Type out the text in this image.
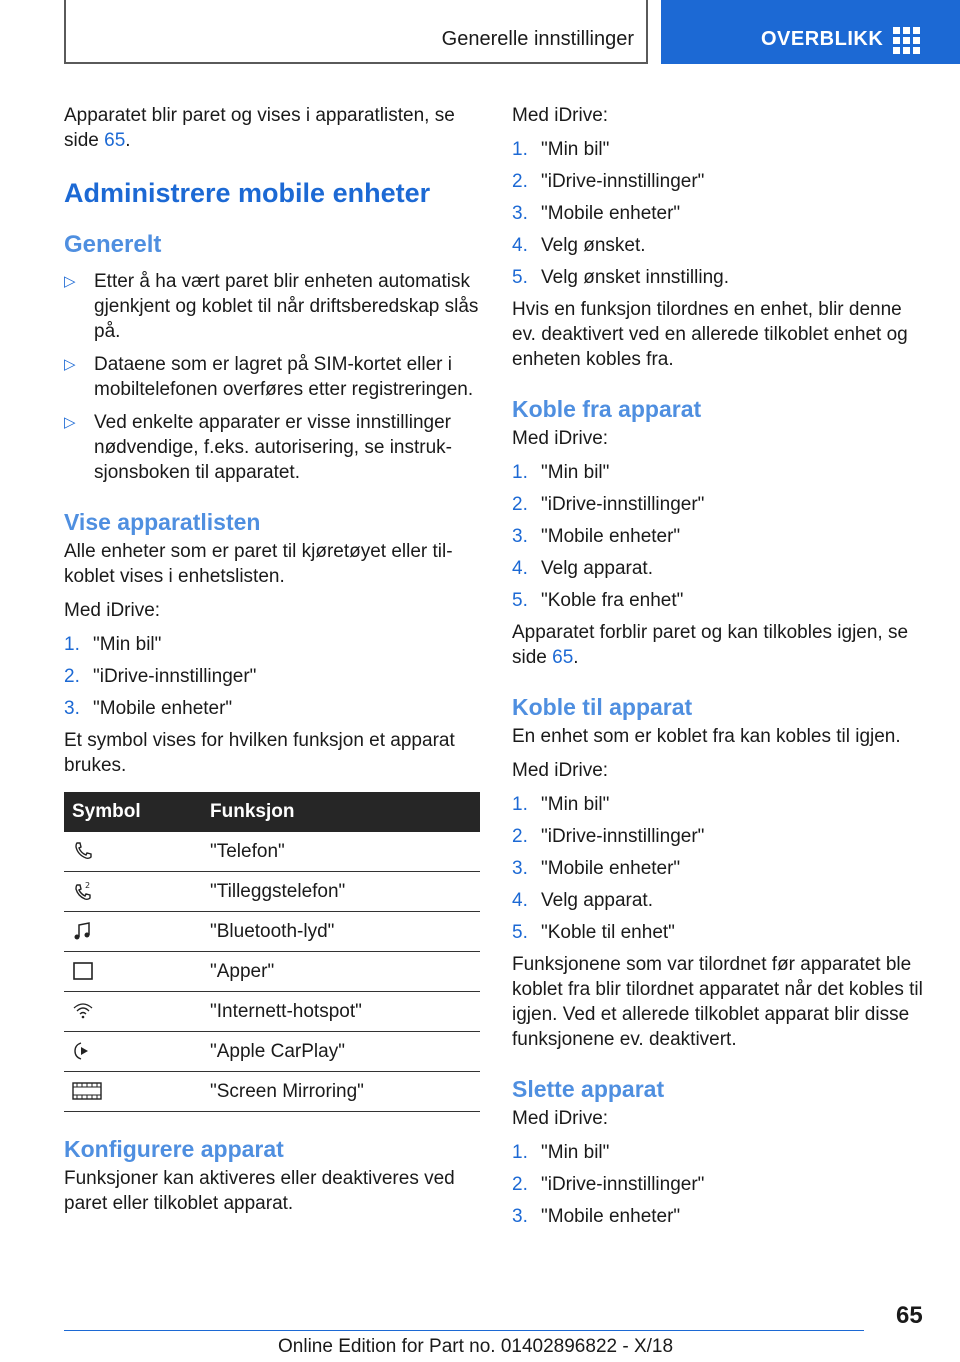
Generelle innstillinger	OVERBLIKK

Apparatet blir paret og vises i apparatlisten, se side 65.

Administrere mobile enheter
Generelt
▷ Etter å ha vært paret blir enheten automatisk gjenkjent og koblet til når driftsberedskap slås på.
▷ Dataene som er lagret på SIM-kortet eller i mobiltelefonen overføres etter registreringen.
▷ Ved enkelte apparater er visse innstillinger nødvendige, f.eks. autorisering, se instruk‐sjonsboken til apparatet.
Vise apparatlisten

Alle enheter som er paret til kjøretøyet eller til‐koblet vises i enhetslisten.

Med iDrive:

1. "Min bil"
2. "iDrive-innstillinger"
3. "Mobile enheter"

Et symbol vises for hvilken funksjon et apparat brukes.

Symbol	Funksjon

	"Telefon"

2	"Tilleggstelefon"

	"Bluetooth-lyd"

	"Apper"

	"Internett-hotspot"

	"Apple CarPlay"

	"Screen Mirroring"
Konfigurere apparat

Funksjoner kan aktiveres eller deaktiveres ved paret eller tilkoblet apparat.

Med iDrive:

1. "Min bil"
2. "iDrive-innstillinger"
3. "Mobile enheter"
4. Velg ønsket.
5. Velg ønsket innstilling.

Hvis en funksjon tilordnes en enhet, blir denne ev. deaktivert ved en allerede tilkoblet enhet og enheten kobles fra.

Koble fra apparat

Med iDrive:

1. "Min bil"
2. "iDrive-innstillinger"
3. "Mobile enheter"
4. Velg apparat.
5. "Koble fra enhet"

Apparatet forblir paret og kan tilkobles igjen, se side 65.

Koble til apparat

En enhet som er koblet fra kan kobles til igjen.

Med iDrive:

1. "Min bil"
2. "iDrive-innstillinger"
3. "Mobile enheter"
4. Velg apparat.
5. "Koble til enhet"

Funksjonene som var tilordnet før apparatet ble koblet fra blir tilordnet apparatet når det kobles til igjen. Ved et allerede tilkoblet apparat blir disse funksjonene ev. deaktivert.

Slette apparat

Med iDrive:

1. "Min bil"
2. "iDrive-innstillinger"
3. "Mobile enheter"
65
Online Edition for Part no. 01402896822 - X/18
